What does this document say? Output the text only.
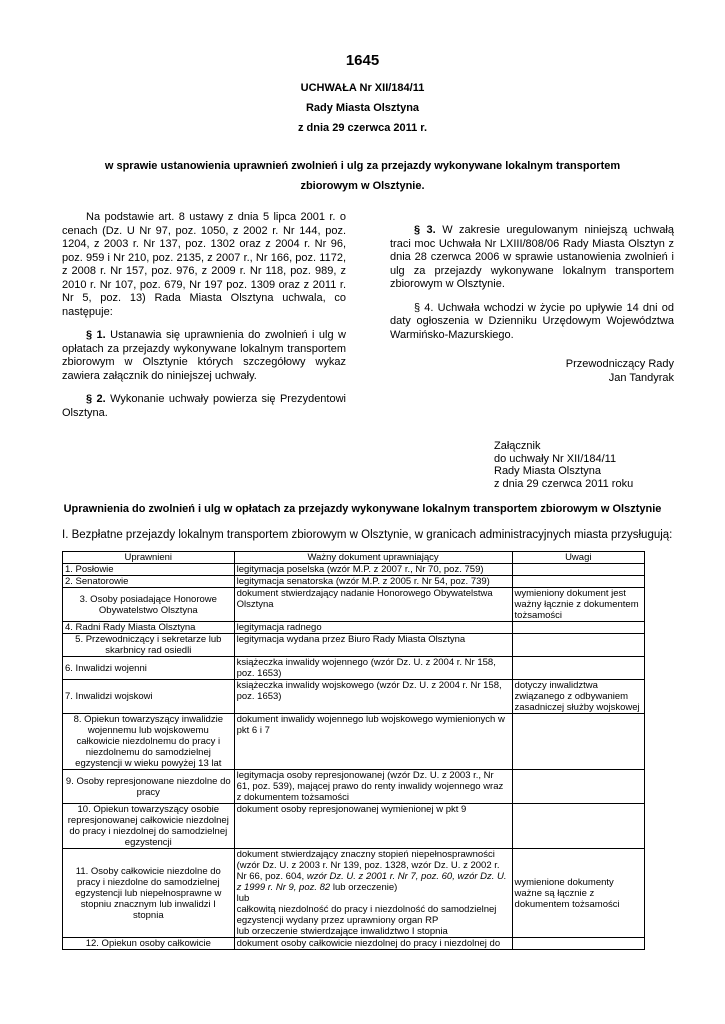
1645
UCHWAŁA Nr XII/184/11
Rady Miasta Olsztyna
z dnia 29 czerwca 2011 r.
w sprawie ustanowienia uprawnień zwolnień i ulg za przejazdy wykonywane lokalnym transportem
zbiorowym w Olsztynie.

Na podstawie art. 8 ustawy z dnia 5 lipca 2001 r. o cenach (Dz. U Nr 97, poz. 1050, z 2002 r. Nr 144, poz. 1204, z 2003 r. Nr 137, poz. 1302 oraz z 2004 r. Nr 96, poz. 959 i Nr 210, poz. 2135, z 2007 r., Nr 166, poz. 1172, z 2008 r. Nr 157, poz. 976, z 2009 r. Nr 118, poz. 989, z 2010 r. Nr 107, poz. 679, Nr 197 poz. 1309 oraz z 2011 r. Nr 5, poz. 13) Rada Miasta Olsztyna uchwala, co następuje:

§ 1. Ustanawia się uprawnienia do zwolnień i ulg w opłatach za przejazdy wykonywane lokalnym transportem zbiorowym w Olsztynie których szczegółowy wykaz zawiera załącznik do niniejszej uchwały.

§ 2. Wykonanie uchwały powierza się Prezydentowi Olsztyna.

§ 3. W zakresie uregulowanym niniejszą uchwałą traci moc Uchwała Nr LXIII/808/06 Rady Miasta Olsztyn z dnia 28 czerwca 2006 w sprawie ustanowienia zwolnień i ulg za przejazdy wykonywane lokalnym transportem zbiorowym w Olsztynie.

§ 4. Uchwała wchodzi w życie po upływie 14 dni od daty ogłoszenia w Dzienniku Urzędowym Województwa Warmińsko-Mazurskiego.

Przewodniczący Rady

Jan Tandyrak

Załącznik
do uchwały Nr XII/184/11
Rady Miasta Olsztyna
z dnia 29 czerwca 2011 roku
Uprawnienia do zwolnień i ulg w opłatach za przejazdy wykonywane lokalnym transportem zbiorowym w Olsztynie
I. Bezpłatne przejazdy lokalnym transportem zbiorowym w Olsztynie, w granicach administracyjnych miasta przysługują:
Uprawnieni	Ważny dokument uprawniający	Uwagi
1. Posłowie	legitymacja poselska (wzór M.P. z 2007 r., Nr 70, poz. 759)	
2. Senatorowie	legitymacja senatorska (wzór M.P. z 2005 r. Nr 54, poz. 739)	
3. Osoby posiadające Honorowe Obywatelstwo Olsztyna	dokument stwierdzający nadanie Honorowego Obywatelstwa Olsztyna	wymieniony dokument jest ważny łącznie z dokumentem tożsamości
4. Radni Rady Miasta Olsztyna	legitymacja radnego	
5. Przewodniczący i sekretarze lub skarbnicy rad osiedli	legitymacja wydana przez Biuro Rady Miasta Olsztyna	
6. Inwalidzi wojenni	książeczka inwalidy wojennego (wzór Dz. U. z 2004 r. Nr 158, poz. 1653)	
7. Inwalidzi wojskowi	książeczka inwalidy wojskowego (wzór Dz. U. z 2004 r. Nr 158, poz. 1653)	dotyczy inwalidztwa związanego z odbywaniem zasadniczej służby wojskowej
8. Opiekun towarzyszący inwalidzie wojennemu lub wojskowemu całkowicie niezdolnemu do pracy i niezdolnemu do samodzielnej egzystencji w wieku powyżej 13 lat	dokument inwalidy wojennego lub wojskowego wymienionych w pkt 6 i 7	
9. Osoby represjonowane niezdolne do pracy	legitymacja osoby represjonowanej (wzór Dz. U. z 2003 r., Nr 61, poz. 539), mającej prawo do renty inwalidy wojennego wraz z dokumentem tożsamości	
10. Opiekun towarzyszący osobie represjonowanej całkowicie niezdolnej do pracy i niezdolnej do samodzielnej egzystencji	dokument osoby represjonowanej wymienionej w pkt 9	
11. Osoby całkowicie niezdolne do pracy i niezdolne do samodzielnej egzystencji lub niepełnosprawne w stopniu znacznym lub inwalidzi I stopnia	dokument stwierdzający znaczny stopień niepełnosprawności (wzór Dz. U. z 2003 r. Nr 139, poz. 1328, wzór Dz. U. z 2002 r. Nr 66, poz. 604, wzór Dz. U. z 2001 r. Nr 7, poz. 60, wzór Dz. U. z 1999 r. Nr 9, poz. 82 lub orzeczenie)
lub
całkowitą niezdolność do pracy i niezdolność do samodzielnej egzystencji wydany przez uprawniony organ RP
lub orzeczenie stwierdzające inwalidztwo I stopnia	wymienione dokumenty ważne są łącznie z dokumentem tożsamości
12. Opiekun osoby całkowicie	dokument osoby całkowicie niezdolnej do pracy i niezdolnej do	
